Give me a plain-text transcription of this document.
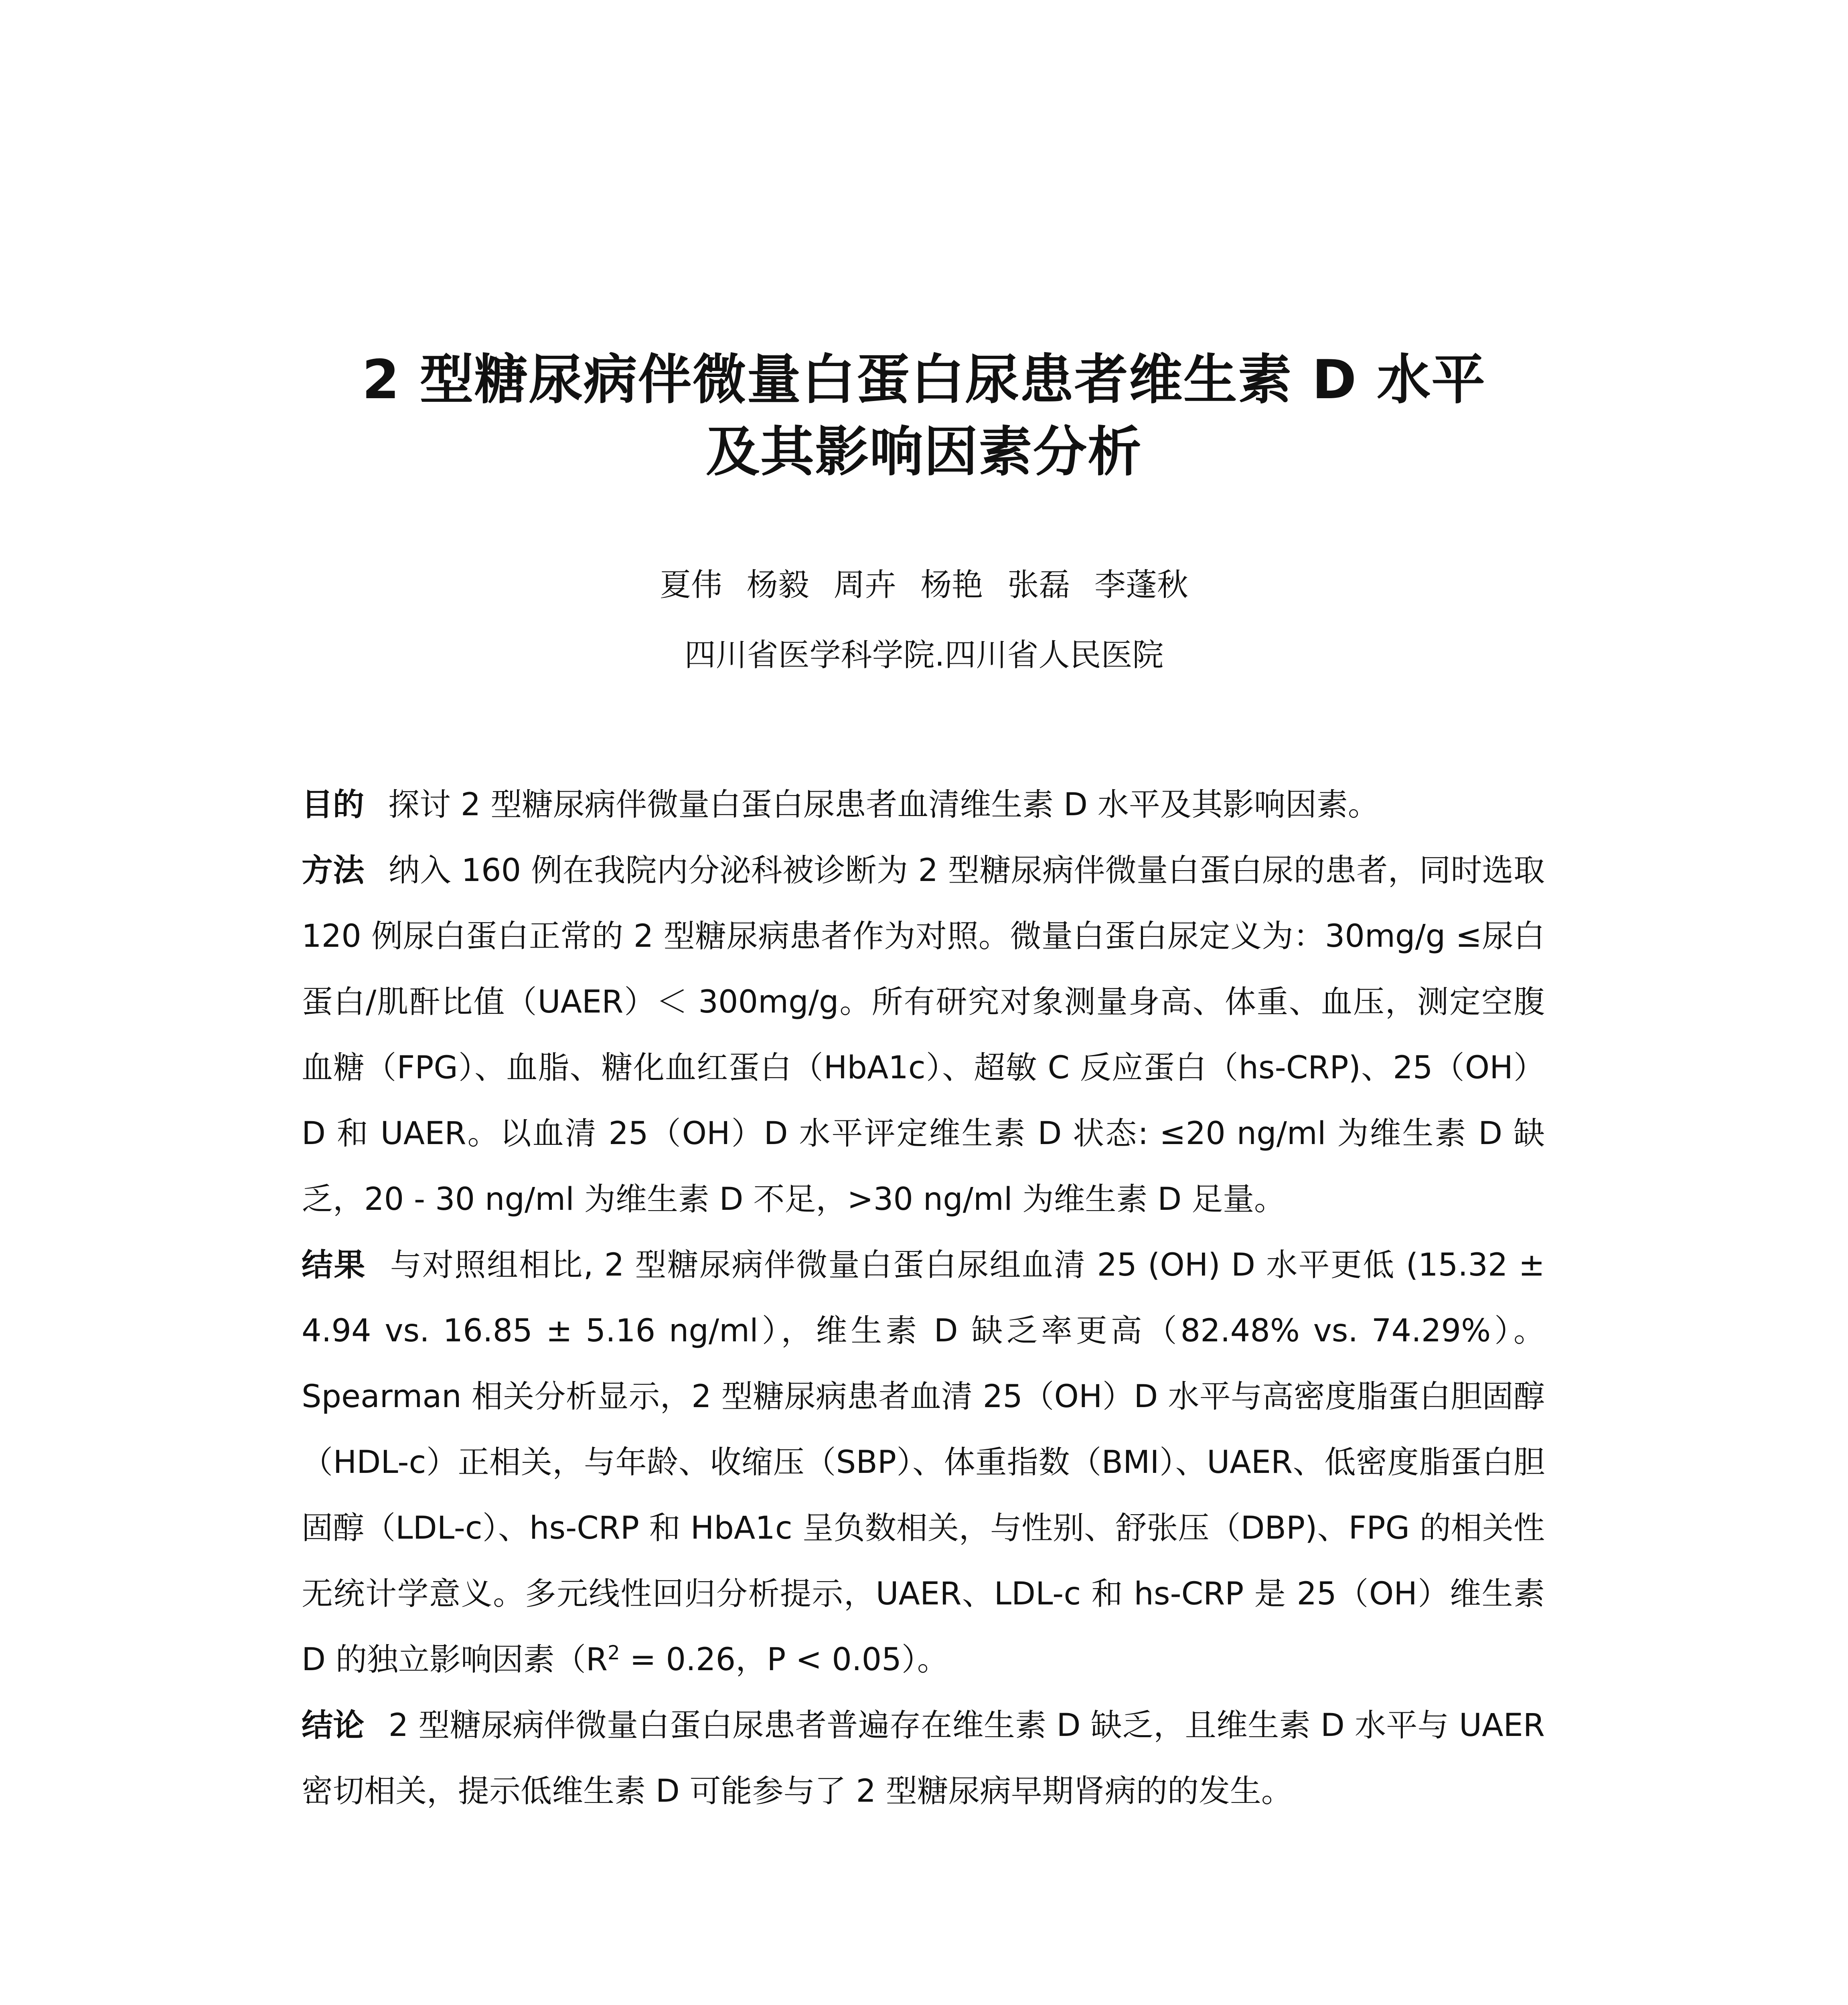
2 型糖尿病伴微量白蛋白尿患者维生素 D 水平
及其影响因素分析
夏伟 杨毅 周卉 杨艳 张磊 李蓬秋
四川省医学科学院.四川省人民医院

目的 探讨 2 型糖尿病伴微量白蛋白尿患者血清维生素 D 水平及其影响因素。

方法 纳入 160 例在我院内分泌科被诊断为 2 型糖尿病伴微量白蛋白尿的患者，同时选取 120 例尿白蛋白正常的 2 型糖尿病患者作为对照。微量白蛋白尿定义为：30mg/g ≤尿白蛋白/肌酐比值（UAER）＜ 300mg/g。所有研究对象测量身高、体重、血压，测定空腹血糖（FPG）、血脂、糖化血红蛋白（HbA1c）、超敏 C 反应蛋白（hs-CRP)、25（OH）D 和 UAER。以血清 25（OH）D 水平评定维生素 D 状态: ≤20 ng/ml 为维生素 D 缺乏，20 - 30 ng/ml 为维生素 D 不足，>30 ng/ml 为维生素 D 足量。

结果 与对照组相比, 2 型糖尿病伴微量白蛋白尿组血清 25 (OH) D 水平更低 (15.32 ± 4.94 vs. 16.85 ± 5.16 ng/ml），维生素 D 缺乏率更高（82.48% vs. 74.29%）。Spearman 相关分析显示，2 型糖尿病患者血清 25（OH）D 水平与高密度脂蛋白胆固醇（HDL-c）正相关，与年龄、收缩压（SBP）、体重指数（BMI）、UAER、低密度脂蛋白胆固醇（LDL-c）、hs-CRP 和 HbA1c 呈负数相关，与性别、舒张压（DBP)、FPG 的相关性无统计学意义。多元线性回归分析提示，UAER、LDL-c 和 hs-CRP 是 25（OH）维生素 D 的独立影响因素（$R^2 = 0.26$，P < 0.05）。

结论 2 型糖尿病伴微量白蛋白尿患者普遍存在维生素 D 缺乏，且维生素 D 水平与 UAER 密切相关，提示低维生素 D 可能参与了 2 型糖尿病早期肾病的的发生。
